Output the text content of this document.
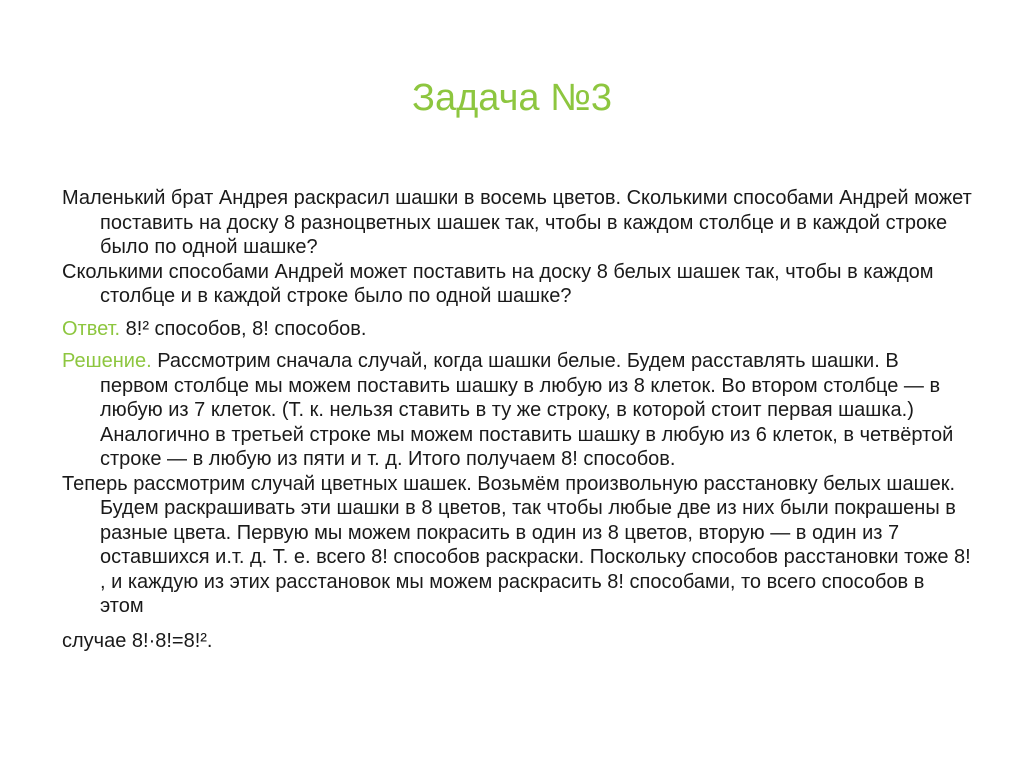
Задача №3

Маленький брат Андрея раскрасил шашки в восемь цветов. Сколькими способами Андрей может поставить на доску 8 разноцветных шашек так, чтобы в каждом столбце и в каждой строке было по одной шашке?
Сколькими способами Андрей может поставить на доску 8 белых шашек так, чтобы в каждом столбце и в каждой строке было по одной шашке?

Ответ. 8!² способов, 8! способов.

Решение. Рассмотрим сначала случай, когда шашки белые. Будем расставлять шашки. В первом столбце мы можем поставить шашку в любую из 8 клеток. Во втором столбце — в любую из 7 клеток. (Т. к. нельзя ставить в ту же строку, в которой стоит первая шашка.) Аналогично в третьей строке мы можем поставить шашку в любую из 6 клеток, в четвёртой строке — в любую из пяти и т. д. Итого получаем 8! способов.
Теперь рассмотрим случай цветных шашек. Возьмём произвольную расстановку белых шашек. Будем раскрашивать эти шашки в 8 цветов, так чтобы любые две из них были покрашены в разные цвета. Первую мы можем покрасить в один из 8 цветов, вторую — в один из 7 оставшихся и.т. д. Т. е. всего 8! способов раскраски. Поскольку способов расстановки тоже 8! , и каждую из этих расстановок мы можем раскрасить 8! способами, то всего способов в этом
случае 8!·8!=8!².
